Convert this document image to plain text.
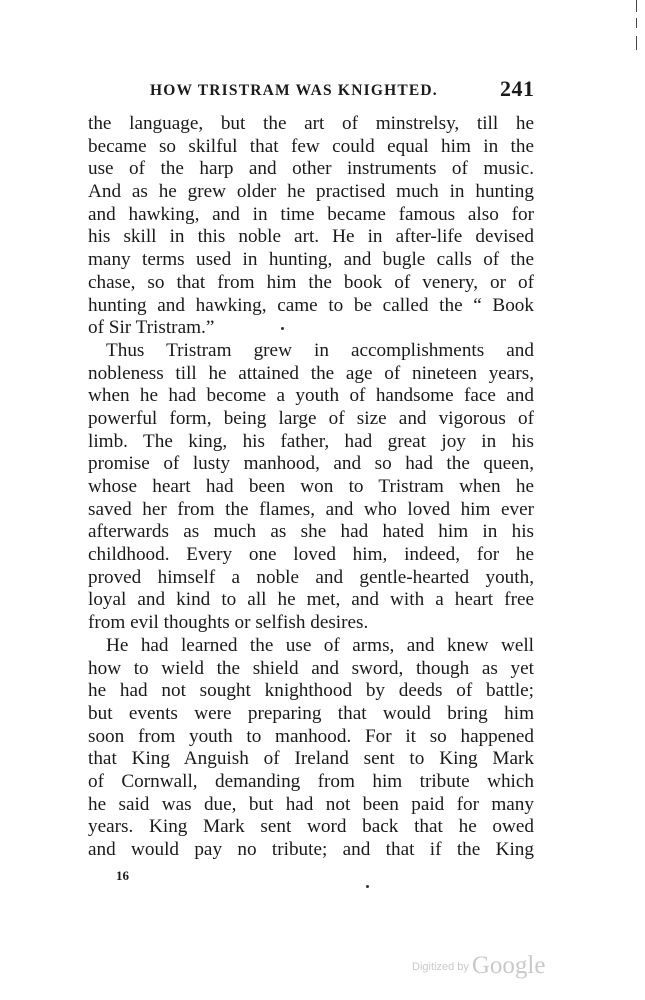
HOW TRISTRAM WAS KNIGHTED.	241
the language, but the art of minstrelsy, till he
became so skilful that few could equal him in the
use of the harp and other instruments of music.
And as he grew older he practised much in hunting
and hawking, and in time became famous also for
his skill in this noble art. He in after-life devised
many terms used in hunting, and bugle calls of the
chase, so that from him the book of venery, or of
hunting and hawking, came to be called the “ Book
of Sir Tristram.”
Thus Tristram grew in accomplishments and
nobleness till he attained the age of nineteen years,
when he had become a youth of handsome face and
powerful form, being large of size and vigorous of
limb. The king, his father, had great joy in his
promise of lusty manhood, and so had the queen,
whose heart had been won to Tristram when he
saved her from the flames, and who loved him ever
afterwards as much as she had hated him in his
childhood. Every one loved him, indeed, for he
proved himself a noble and gentle-hearted youth,
loyal and kind to all he met, and with a heart free
from evil thoughts or selfish desires.
He had learned the use of arms, and knew well
how to wield the shield and sword, though as yet
he had not sought knighthood by deeds of battle;
but events were preparing that would bring him
soon from youth to manhood. For it so happened
that King Anguish of Ireland sent to King Mark
of Cornwall, demanding from him tribute which
he said was due, but had not been paid for many
years. King Mark sent word back that he owed
and would pay no tribute; and that if the King
16
Digitized by Google
